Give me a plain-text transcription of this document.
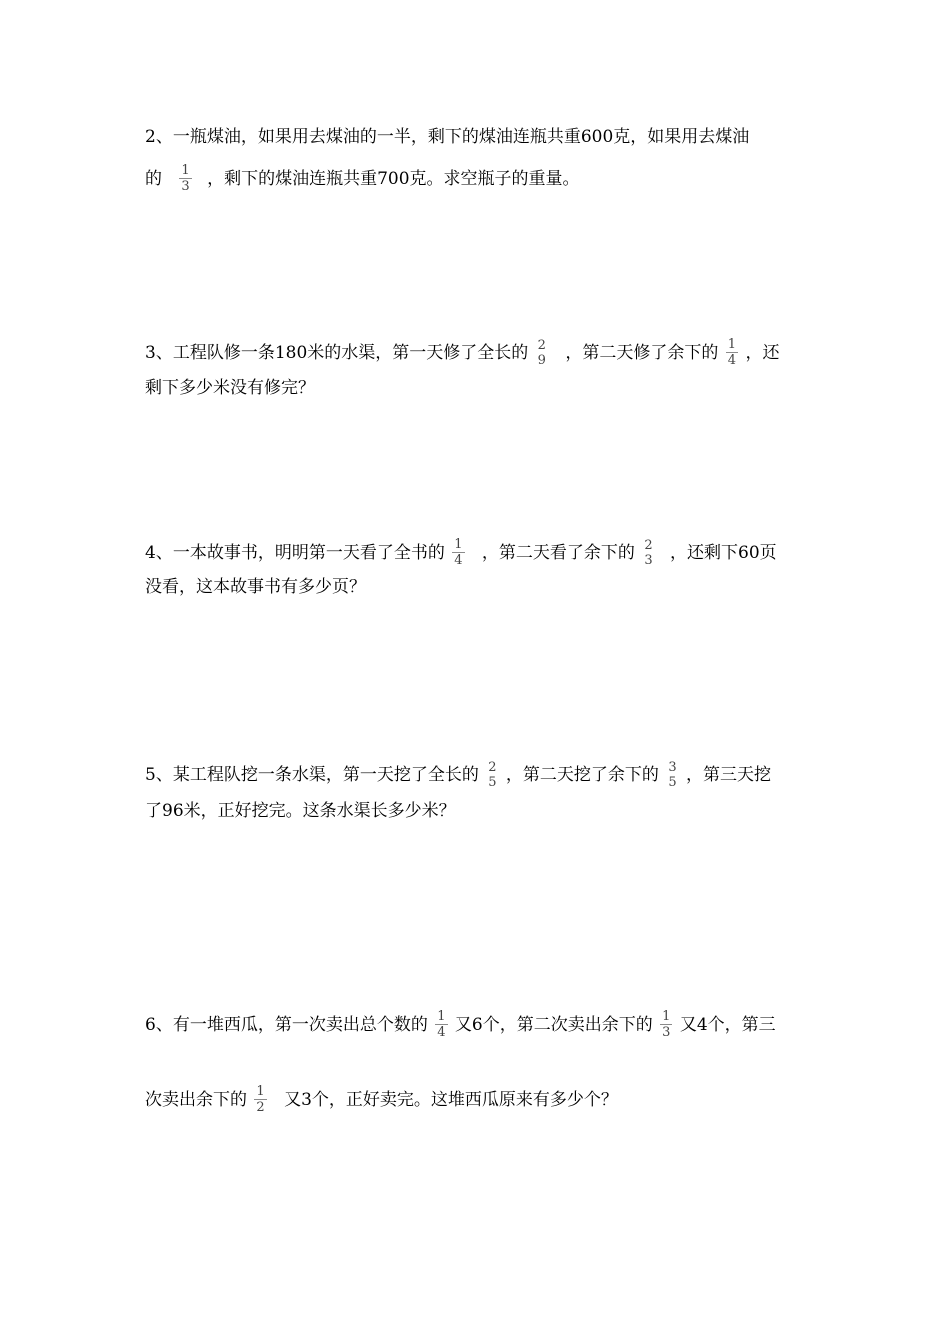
2、一瓶煤油，如果用去煤油的一半，剩下的煤油连瓶共重600克，如果用去煤油
的 $\frac{1}{3}$ ，剩下的煤油连瓶共重700克。求空瓶子的重量。
3、工程队修一条180米的水渠，第一天修了全长的 2
9 ，第二天修了余下的 $\frac{1}{4}$ ，还
剩下多少米没有修完？
4、一本故事书，明明第一天看了全书的 $\frac{1}{4}$ ，第二天看了余下的 2
3 ，还剩下60页
没看，这本故事书有多少页？
5、某工程队挖一条水渠，第一天挖了全长的 2
5 ，第二天挖了余下的 3
5 ，第三天挖
了96米，正好挖完。这条水渠长多少米？
6、有一堆西瓜，第一次卖出总个数的 $\frac{1}{4}$ 又6个，第二次卖出余下的 $\frac{1}{3}$ 又4个，第三
次卖出余下的 $\frac{1}{2}$ 又3个，正好卖完。这堆西瓜原来有多少个？
